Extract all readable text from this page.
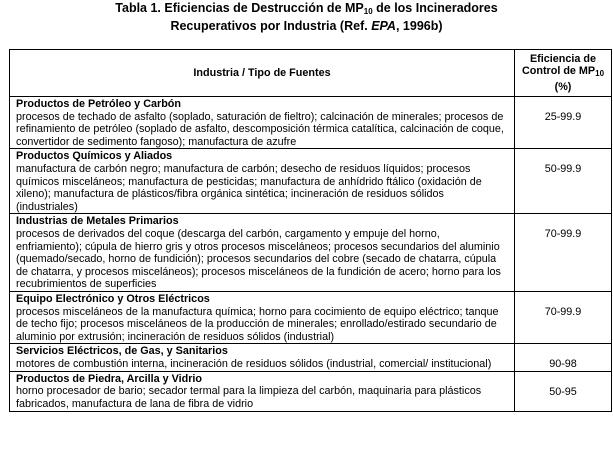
Tabla 1. Eficiencias de Destrucción de $MP_{10}$ de los Incineradores
Recuperativos por Industria (Ref. EPA, 1996b)
Industria / Tipo de Fuentes	Eficiencia de Control de $MP_{10}$ (%)

Productos de Petróleo y Carbón
procesos de techado de asfalto (soplado, saturación de fieltro); calcinación de minerales; procesos de refinamiento de petróleo (soplado de asfalto, descomposición térmica catalítica, calcinación de coque, convertidor de sedimento fangoso); manufactura de azufre	25-99.9

Productos Químicos y Aliados
manufactura de carbón negro; manufactura de carbón; desecho de residuos líquidos; procesos químicos misceláneos; manufactura de pesticidas; manufactura de anhídrido ftálico (oxidación de xileno); manufactura de plásticos/fibra orgánica sintética; incineración de residuos sólidos (industriales)	50-99.9

Industrias de Metales Primarios
procesos de derivados del coque (descarga del carbón, cargamento y empuje del horno, enfriamiento); cúpula de hierro gris y otros procesos misceláneos; procesos secundarios del aluminio (quemado/secado, horno de fundición); procesos secundarios del cobre (secado de chatarra, cúpula de chatarra, y procesos misceláneos); procesos misceláneos de la fundición de acero; horno para los recubrimientos de superficies	70-99.9

Equipo Electrónico y Otros Eléctricos
procesos misceláneos de la manufactura química; horno para cocimiento de equipo eléctrico; tanque de techo fijo; procesos misceláneos de la producción de minerales; enrollado/estirado secundario de aluminio por extrusión; incineración de residuos sólidos (industrial)	70-99.9

Servicios Eléctricos, de Gas, y Sanitarios
motores de combustión interna, incineración de residuos sólidos (industrial, comercial/ institucional)	90-98

Productos de Piedra, Arcilla y Vidrio
horno procesador de bario; secador termal para la limpieza del carbón, maquinaria para plásticos fabricados, manufactura de lana de fibra de vidrio	50-95
